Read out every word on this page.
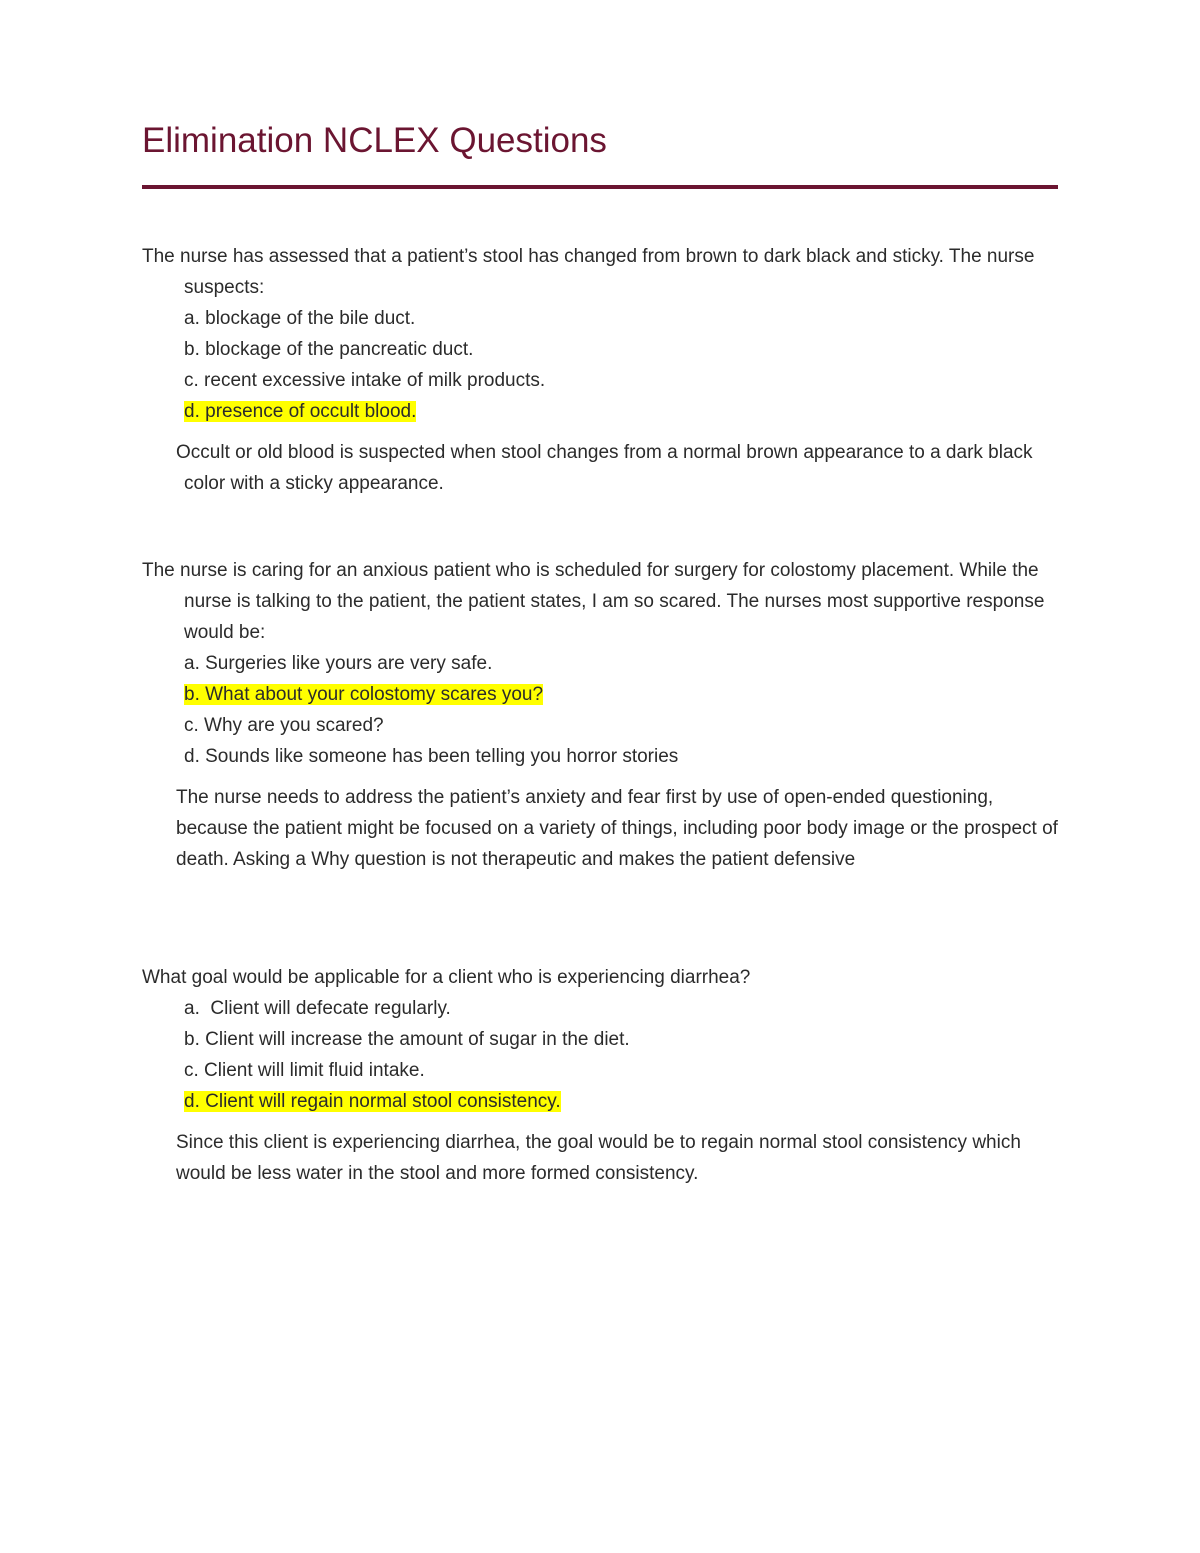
Elimination NCLEX Questions

The nurse has assessed that a patient’s stool has changed from brown to dark black and sticky. The nurse suspects:

a. blockage of the bile duct.
b. blockage of the pancreatic duct.
c. recent excessive intake of milk products.
d. presence of occult blood.

Occult or old blood is suspected when stool changes from a normal brown appearance to a dark black color with a sticky appearance.

The nurse is caring for an anxious patient who is scheduled for surgery for colostomy placement. While the nurse is talking to the patient, the patient states, I am so scared. The nurses most supportive response would be:

a. Surgeries like yours are very safe.
b. What about your colostomy scares you?
c. Why are you scared?
d. Sounds like someone has been telling you horror stories

The nurse needs to address the patient’s anxiety and fear first by use of open-ended questioning, because the patient might be focused on a variety of things, including poor body image or the prospect of death. Asking a Why question is not therapeutic and makes the patient defensive

What goal would be applicable for a client who is experiencing diarrhea?

a.  Client will defecate regularly.
b. Client will increase the amount of sugar in the diet.
c. Client will limit fluid intake.
d. Client will regain normal stool consistency.

Since this client is experiencing diarrhea, the goal would be to regain normal stool consistency which would be less water in the stool and more formed consistency.
